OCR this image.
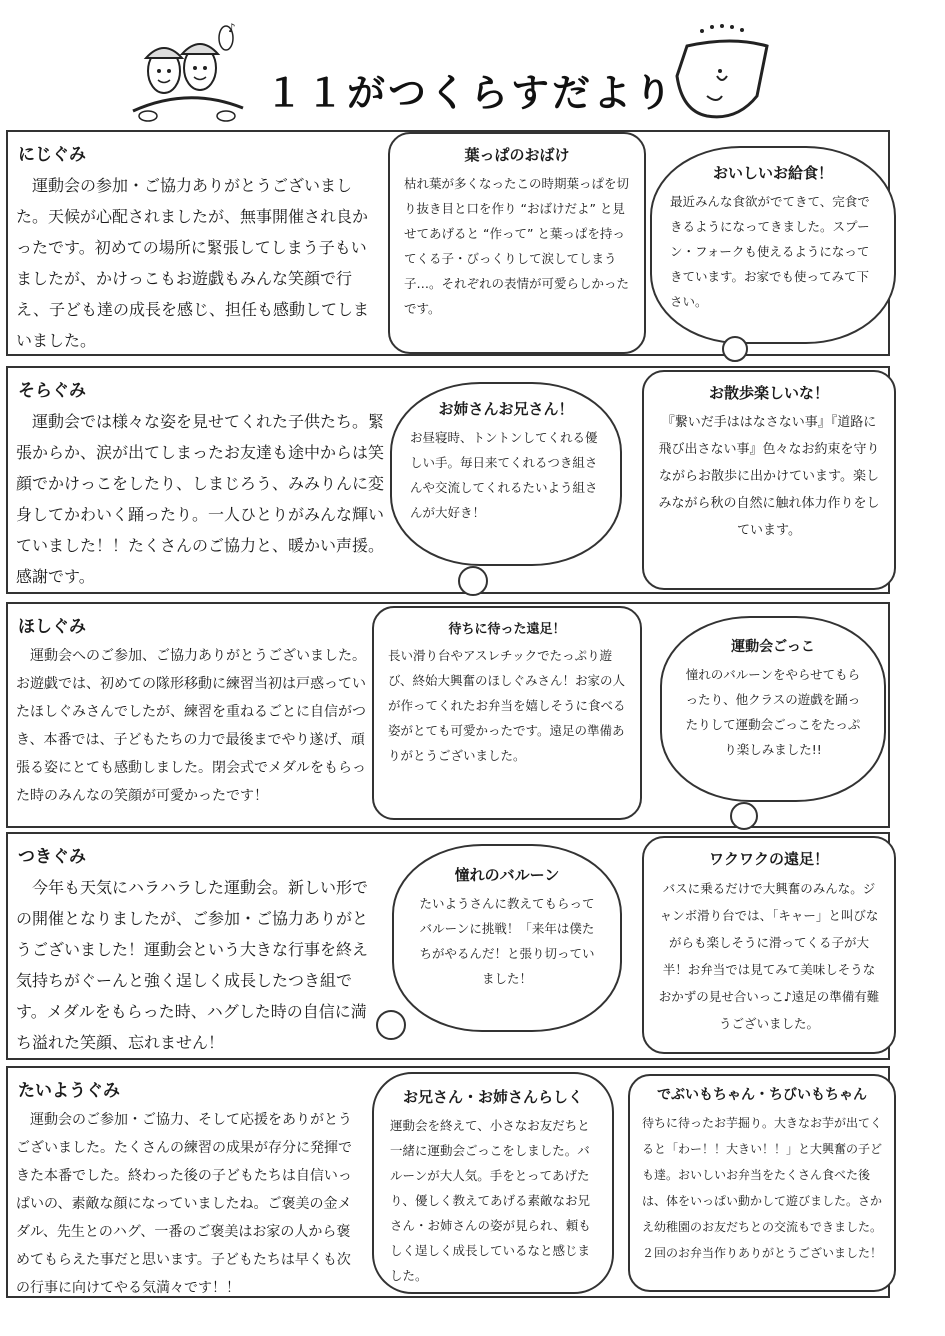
♪
１１がつくらすだより
にじぐみ
運動会の参加・ご協力ありがとうございました。天候が心配されましたが、無事開催され良かったです。初めての場所に緊張してしまう子もいましたが、かけっこもお遊戯もみんな笑顔で行え、子ども達の成長を感じ、担任も感動してしまいました。
葉っぱのおばけ
枯れ葉が多くなったこの時期葉っぱを切り抜き目と口を作り “おばけだよ” と見せてあげると “作って” と葉っぱを持ってくる子・びっくりして涙してしまう子…。それぞれの表情が可愛らしかったです。
おいしいお給食！
最近みんな食欲がでてきて、完食できるようになってきました。スプーン・フォークも使えるようになってきています。お家でも使ってみて下さい。
そらぐみ
運動会では様々な姿を見せてくれた子供たち。緊張からか、涙が出てしまったお友達も途中からは笑顔でかけっこをしたり、しまじろう、みみりんに変身してかわいく踊ったり。一人ひとりがみんな輝いていました！！たくさんのご協力と、暖かい声援。感謝です。
お姉さんお兄さん！
お昼寝時、トントンしてくれる優しい手。毎日来てくれるつき組さんや交流してくれるたいよう組さんが大好き！
お散歩楽しいな！
『繋いだ手ははなさない事』『道路に飛び出さない事』色々なお約束を守りながらお散歩に出かけています。楽しみながら秋の自然に触れ体力作りをしています。
ほしぐみ
運動会へのご参加、ご協力ありがとうございました。お遊戯では、初めての隊形移動に練習当初は戸惑っていたほしぐみさんでしたが、練習を重ねるごとに自信がつき、本番では、子どもたちの力で最後までやり遂げ、頑張る姿にとても感動しました。閉会式でメダルをもらった時のみんなの笑顔が可愛かったです！
待ちに待った遠足！
長い滑り台やアスレチックでたっぷり遊び、終始大興奮のほしぐみさん！お家の人が作ってくれたお弁当を嬉しそうに食べる姿がとても可愛かったです。遠足の準備ありがとうございました。
運動会ごっこ
憧れのバルーンをやらせてもらったり、他クラスの遊戯を踊ったりして運動会ごっこをたっぷり楽しみました!!
つきぐみ
今年も天気にハラハラした運動会。新しい形での開催となりましたが、ご参加・ご協力ありがとうございました！運動会という大きな行事を終え気持ちがぐーんと強く逞しく成長したつき組です。メダルをもらった時、ハグした時の自信に満ち溢れた笑顔、忘れません！
憧れのバルーン
たいようさんに教えてもらってバルーンに挑戦！「来年は僕たちがやるんだ！と張り切っていました！
ワクワクの遠足！
バスに乗るだけで大興奮のみんな。ジャンボ滑り台では、「キャー」と叫びながらも楽しそうに滑ってくる子が大半！お弁当では見てみて美味しそうなおかずの見せ合いっこ♪遠足の準備有難うございました。
たいようぐみ
運動会のご参加・ご協力、そして応援をありがとうございました。たくさんの練習の成果が存分に発揮できた本番でした。終わった後の子どもたちは自信いっぱいの、素敵な顔になっていましたね。ご褒美の金メダル、先生とのハグ、一番のご褒美はお家の人から褒めてもらえた事だと思います。子どもたちは早くも次の行事に向けてやる気満々です！！
お兄さん・お姉さんらしく
運動会を終えて、小さなお友だちと一緒に運動会ごっこをしました。バルーンが大人気。手をとってあげたり、優しく教えてあげる素敵なお兄さん・お姉さんの姿が見られ、頼もしく逞しく成長しているなと感じました。
でぶいもちゃん・ちびいもちゃん
待ちに待ったお芋掘り。大きなお芋が出てくると「わー！！大きい！！」と大興奮の子ども達。おいしいお弁当をたくさん食べた後は、体をいっぱい動かして遊びました。さかえ幼稚園のお友だちとの交流もできました。２回のお弁当作りありがとうございました！
